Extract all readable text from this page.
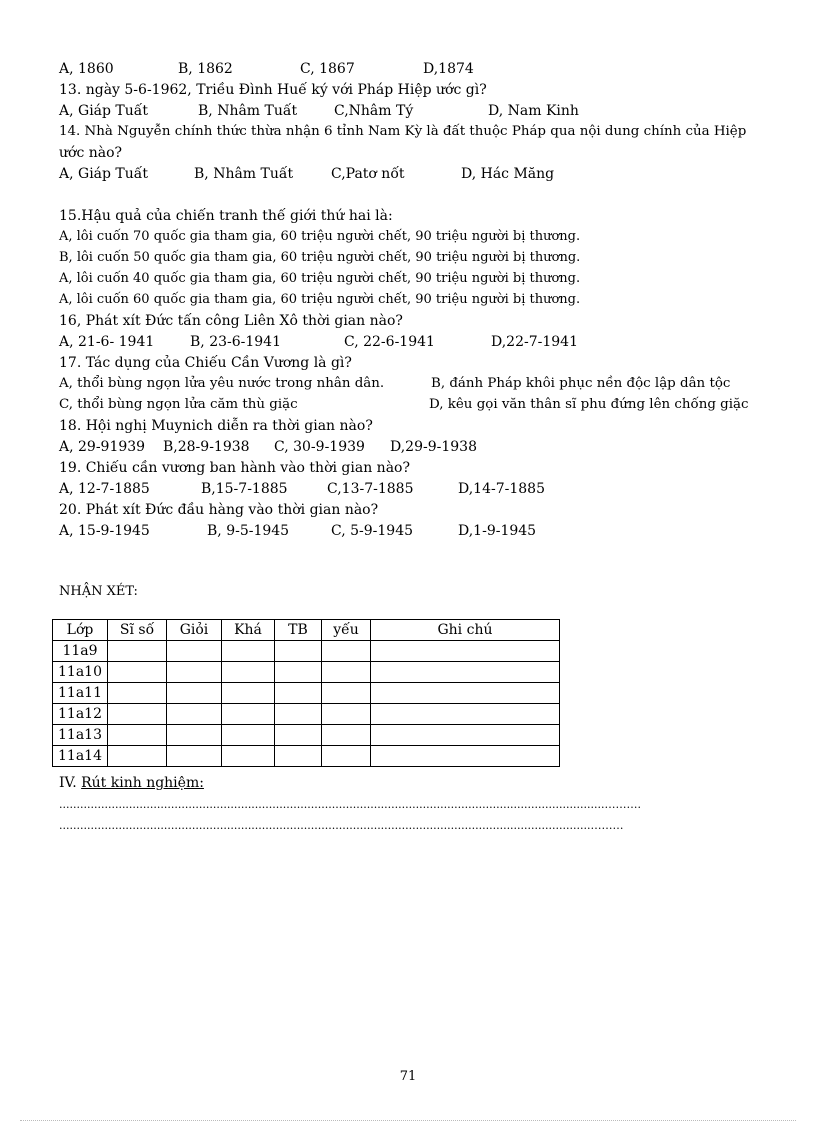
A, 1860	B, 1862	C, 1867	D,1874
13. ngày 5-6-1962, Triều Đình Huế ký với Pháp Hiệp ước gì?
A, Giáp Tuất	B, Nhâm Tuất	C,Nhâm Tý	D, Nam Kinh
14. Nhà Nguyễn chính thức thừa nhận 6 tỉnh Nam Kỳ là đất thuộc Pháp qua nội dung chính của Hiệp
ước nào?
A, Giáp Tuất	B, Nhâm Tuất	C,Patơ nốt	D, Hác Măng
15.Hậu quả của chiến tranh thế giới thứ hai là:
A, lôi cuốn 70 quốc gia tham gia, 60 triệu người chết, 90 triệu người bị thương.
B, lôi cuốn 50 quốc gia tham gia, 60 triệu người chết, 90 triệu người bị thương.
A, lôi cuốn 40 quốc gia tham gia, 60 triệu người chết, 90 triệu người bị thương.
A, lôi cuốn 60 quốc gia tham gia, 60 triệu người chết, 90 triệu người bị thương.
16, Phát xít Đức tấn công Liên Xô thời gian nào?
A, 21-6- 1941	B, 23-6-1941	C, 22-6-1941	D,22-7-1941
17. Tác dụng của Chiếu Cần Vương là gì?
A, thổi bùng ngọn lửa yêu nước trong nhân dân.	B, đánh Pháp khôi phục nền độc lập dân tộc
C, thổi bùng ngọn lửa căm thù giặc	D, kêu gọi văn thân sĩ phu đứng lên chống giặc
18. Hội nghị Muynich diễn ra thời gian nào?
A, 29-91939 B,28-9-1938 C, 30-9-1939 D,29-9-1938
19. Chiếu cần vương ban hành vào thời gian nào?
A, 12-7-1885	B,15-7-1885	C,13-7-1885	D,14-7-1885
20. Phát xít Đức đầu hàng vào thời gian nào?
A, 15-9-1945	B, 9-5-1945	C, 5-9-1945	D,1-9-1945
NHẬN XÉT:
Lớp	Sĩ số	Giỏi	Khá	TB	yếu	Ghi chú
11a9						
11a10						
11a11						
11a12						
11a13						
11a14						
IV. Rút kinh nghiệm:
............................................................................................................................................................……….
........................................................................................................................................................………
71
